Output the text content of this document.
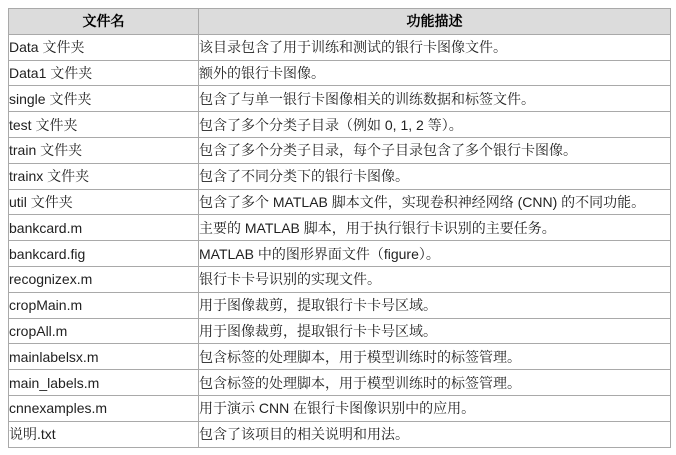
文件名	功能描述
Data 文件夹	该目录包含了用于训练和测试的银行卡图像文件。
Data1 文件夹	额外的银行卡图像。
single 文件夹	包含了与单一银行卡图像相关的训练数据和标签文件。
test 文件夹	包含了多个分类子目录（例如 0, 1, 2 等）。
train 文件夹	包含了多个分类子目录，每个子目录包含了多个银行卡图像。
trainx 文件夹	包含了不同分类下的银行卡图像。
util 文件夹	包含了多个 MATLAB 脚本文件，实现卷积神经网络 (CNN) 的不同功能。
bankcard.m	主要的 MATLAB 脚本，用于执行银行卡识别的主要任务。
bankcard.fig	MATLAB 中的图形界面文件（figure）。
recognizex.m	银行卡卡号识别的实现文件。
cropMain.m	用于图像裁剪，提取银行卡卡号区域。
cropAll.m	用于图像裁剪，提取银行卡卡号区域。
mainlabelsx.m	包含标签的处理脚本，用于模型训练时的标签管理。
main_labels.m	包含标签的处理脚本，用于模型训练时的标签管理。
cnnexamples.m	用于演示 CNN 在银行卡图像识别中的应用。
说明.txt	包含了该项目的相关说明和用法。
